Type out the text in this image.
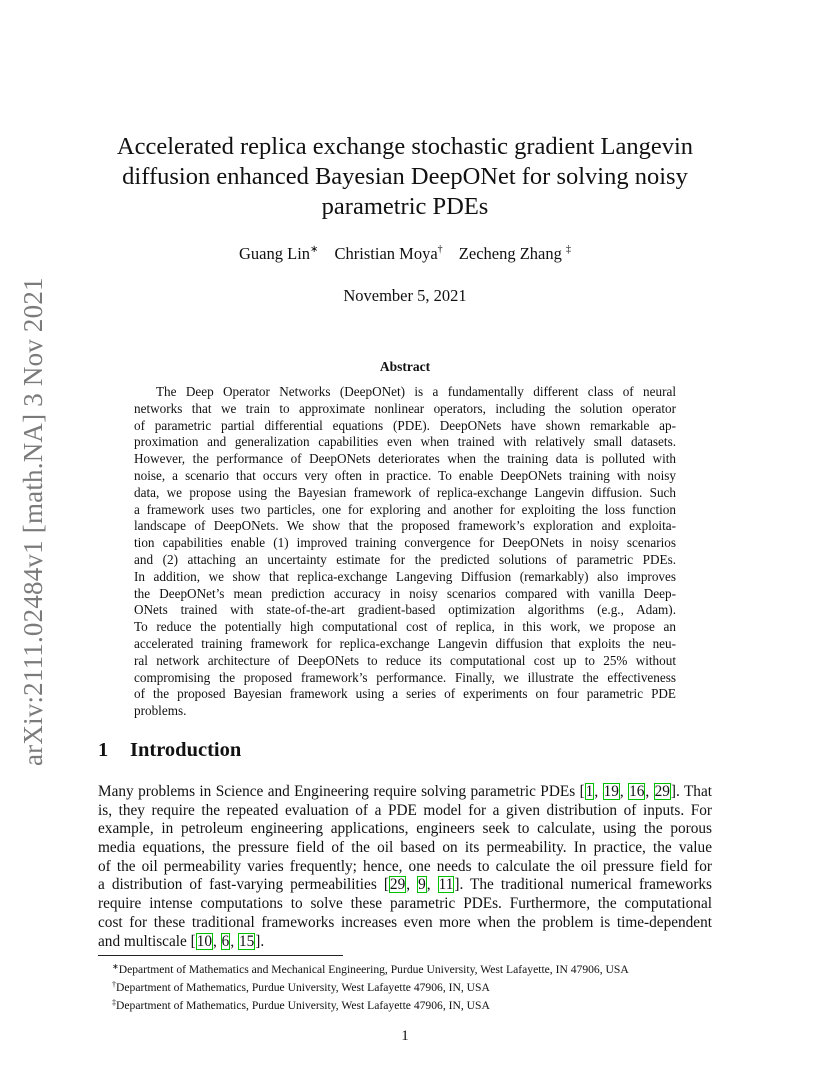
arXiv:2111.02484v1 [math.NA] 3 Nov 2021
Accelerated replica exchange stochastic gradient Langevin
diffusion enhanced Bayesian DeepONet for solving noisy
parametric PDEs
Guang Lin∗ Christian Moya† Zecheng Zhang ‡
November 5, 2021
Abstract
The Deep Operator Networks (DeepONet) is a fundamentally different class of neural
networks that we train to approximate nonlinear operators, including the solution operator
of parametric partial differential equations (PDE). DeepONets have shown remarkable ap-
proximation and generalization capabilities even when trained with relatively small datasets.
However, the performance of DeepONets deteriorates when the training data is polluted with
noise, a scenario that occurs very often in practice. To enable DeepONets training with noisy
data, we propose using the Bayesian framework of replica-exchange Langevin diffusion. Such
a framework uses two particles, one for exploring and another for exploiting the loss function
landscape of DeepONets. We show that the proposed framework’s exploration and exploita-
tion capabilities enable (1) improved training convergence for DeepONets in noisy scenarios
and (2) attaching an uncertainty estimate for the predicted solutions of parametric PDEs.
In addition, we show that replica-exchange Langeving Diffusion (remarkably) also improves
the DeepONet’s mean prediction accuracy in noisy scenarios compared with vanilla Deep-
ONets trained with state-of-the-art gradient-based optimization algorithms (e.g., Adam).
To reduce the potentially high computational cost of replica, in this work, we propose an
accelerated training framework for replica-exchange Langevin diffusion that exploits the neu-
ral network architecture of DeepONets to reduce its computational cost up to 25% without
compromising the proposed framework’s performance. Finally, we illustrate the effectiveness
of the proposed Bayesian framework using a series of experiments on four parametric PDE
problems.
1 Introduction
Many problems in Science and Engineering require solving parametric PDEs [1, 19, 16, 29]. That
is, they require the repeated evaluation of a PDE model for a given distribution of inputs. For
example, in petroleum engineering applications, engineers seek to calculate, using the porous
media equations, the pressure field of the oil based on its permeability. In practice, the value
of the oil permeability varies frequently; hence, one needs to calculate the oil pressure field for
a distribution of fast-varying permeabilities [29, 9, 11]. The traditional numerical frameworks
require intense computations to solve these parametric PDEs. Furthermore, the computational
cost for these traditional frameworks increases even more when the problem is time-dependent
and multiscale [10, 6, 15].
∗Department of Mathematics and Mechanical Engineering, Purdue University, West Lafayette, IN 47906, USA
†Department of Mathematics, Purdue University, West Lafayette 47906, IN, USA
‡Department of Mathematics, Purdue University, West Lafayette 47906, IN, USA
1
